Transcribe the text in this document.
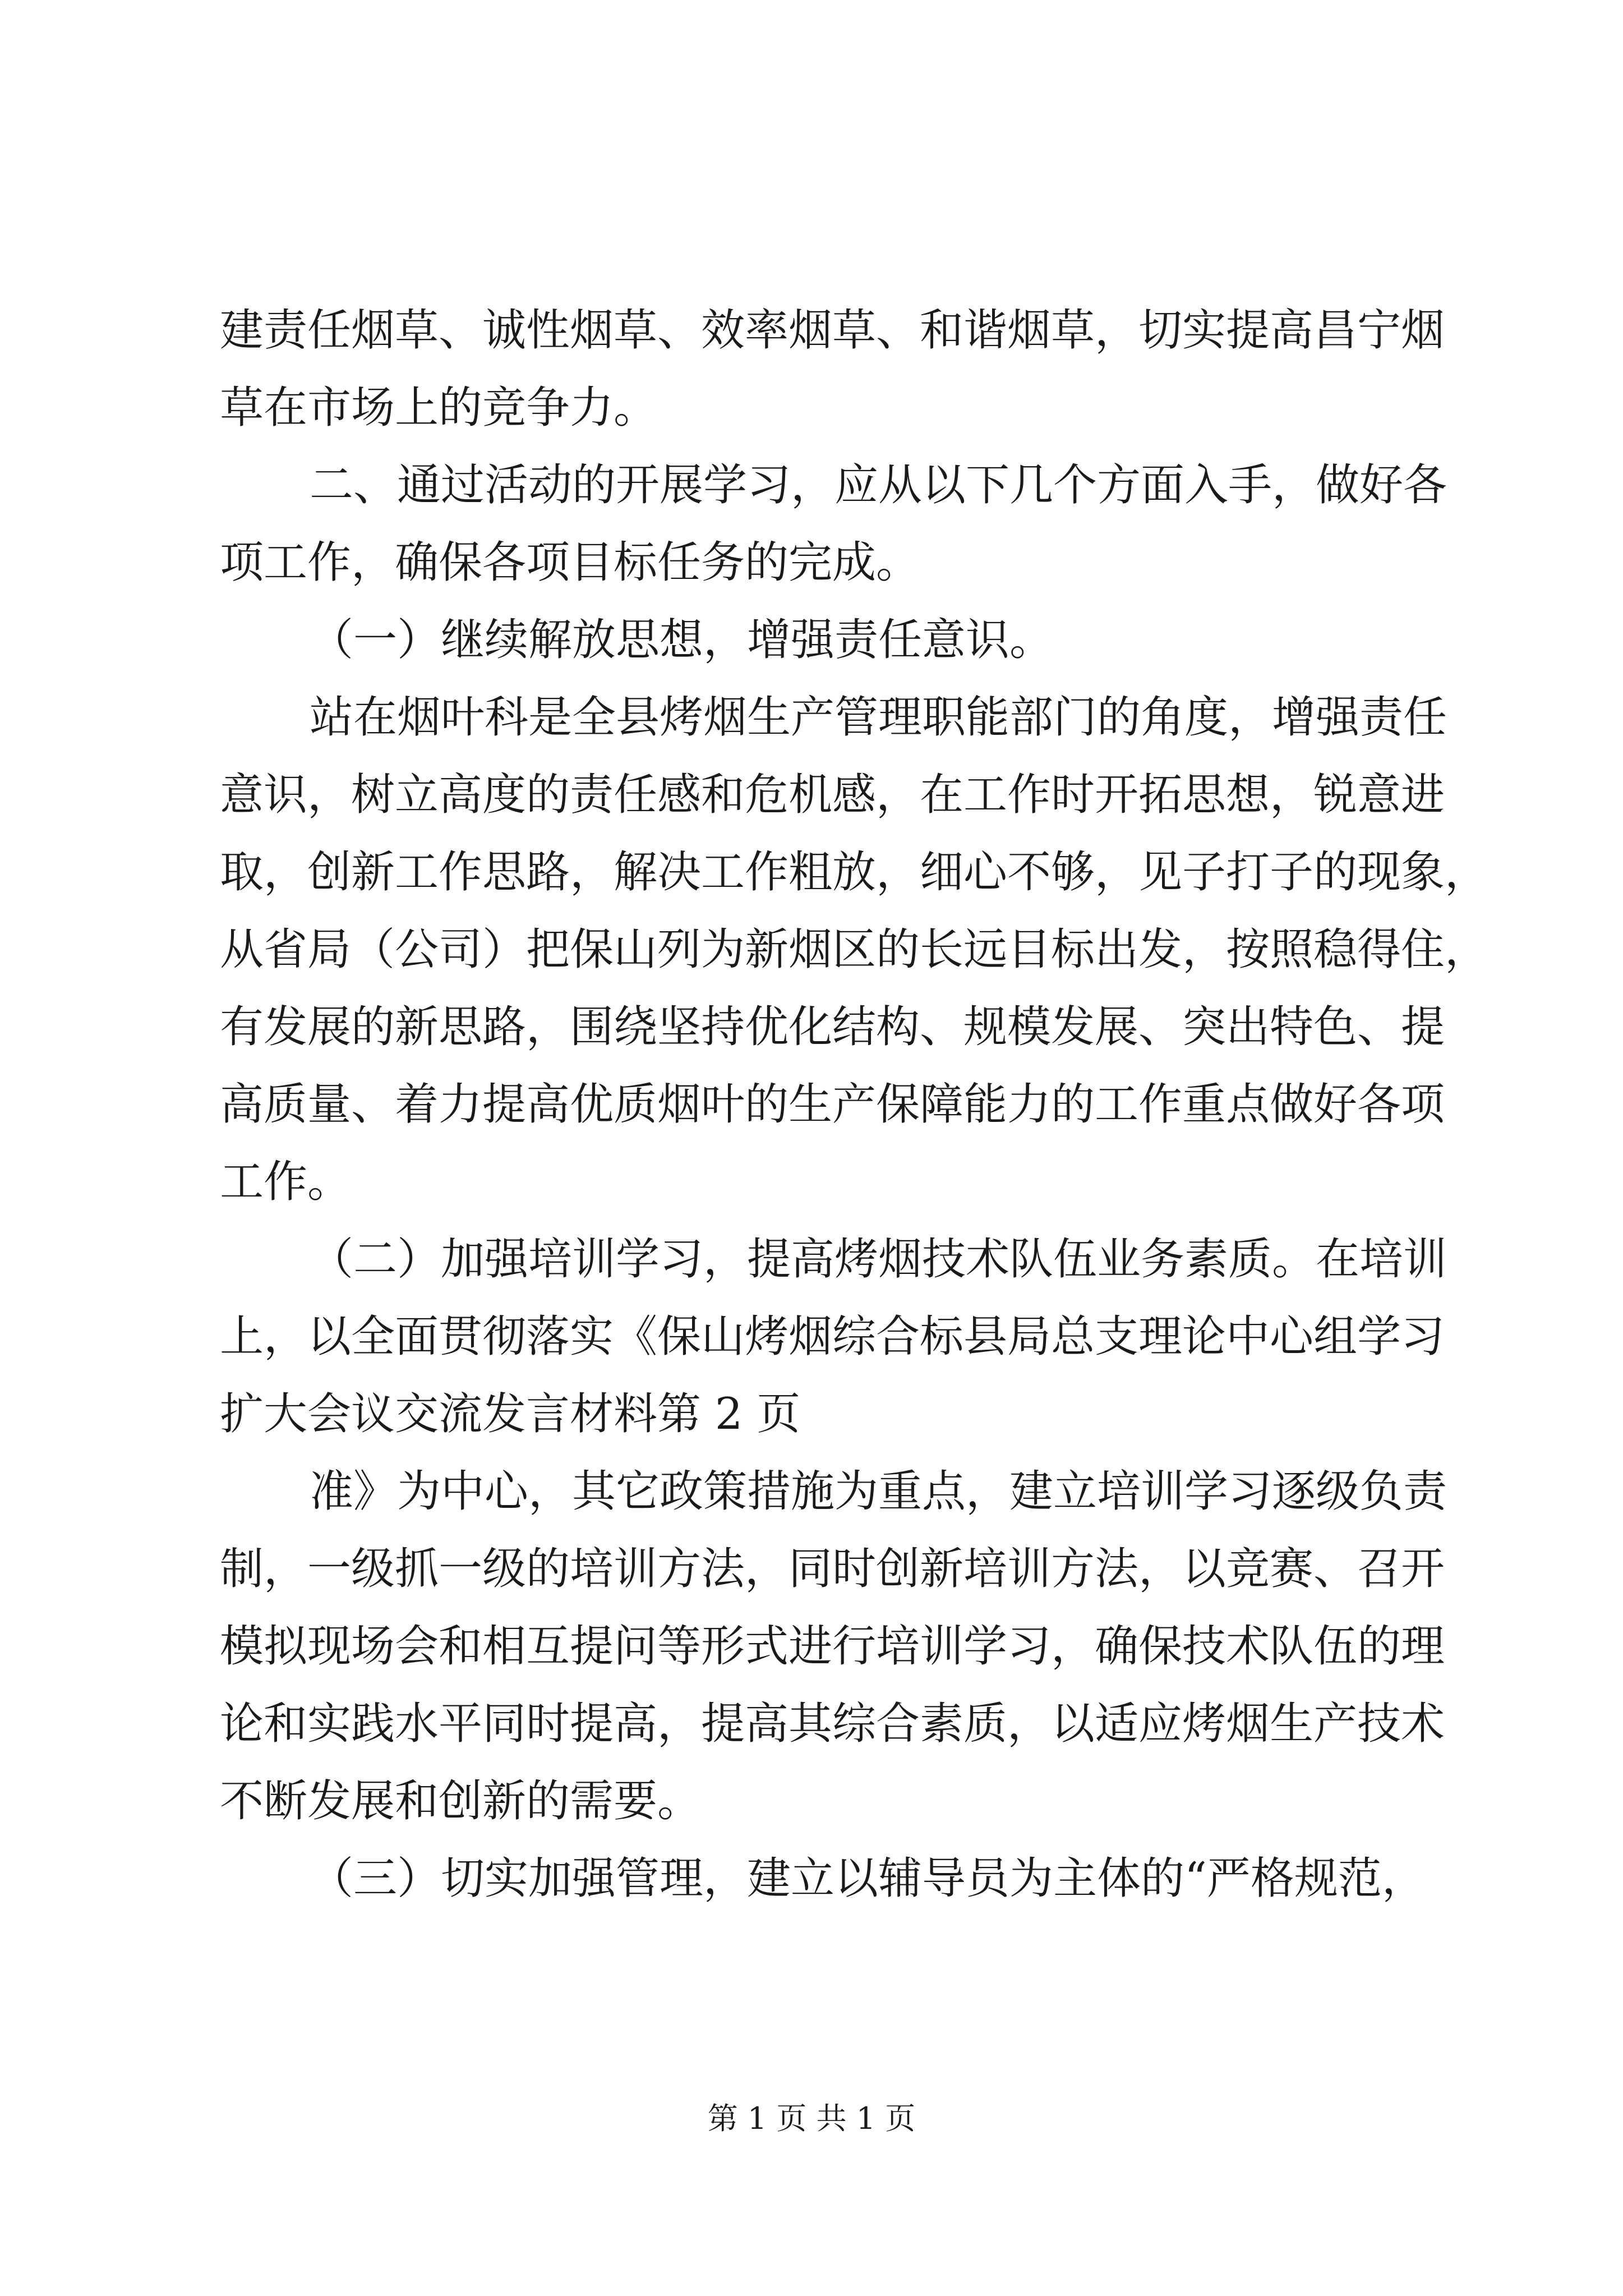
建责任烟草、诚性烟草、效率烟草、和谐烟草，切实提高昌宁烟
草在市场上的竞争力。
二、通过活动的开展学习，应从以下几个方面入手，做好各
项工作，确保各项目标任务的完成。
（一）继续解放思想，增强责任意识。
站在烟叶科是全县烤烟生产管理职能部门的角度，增强责任
意识，树立高度的责任感和危机感，在工作时开拓思想，锐意进
取，创新工作思路，解决工作粗放，细心不够，见子打子的现象，
从省局（公司）把保山列为新烟区的长远目标出发，按照稳得住，
有发展的新思路，围绕坚持优化结构、规模发展、突出特色、提
高质量、着力提高优质烟叶的生产保障能力的工作重点做好各项
工作。
（二）加强培训学习，提高烤烟技术队伍业务素质。在培训
上，以全面贯彻落实《保山烤烟综合标县局总支理论中心组学习
扩大会议交流发言材料第 2 页
准》为中心，其它政策措施为重点，建立培训学习逐级负责
制，一级抓一级的培训方法，同时创新培训方法，以竞赛、召开
模拟现场会和相互提问等形式进行培训学习，确保技术队伍的理
论和实践水平同时提高，提高其综合素质，以适应烤烟生产技术
不断发展和创新的需要。
（三）切实加强管理，建立以辅导员为主体的“严格规范，
第 1 页 共 1 页
